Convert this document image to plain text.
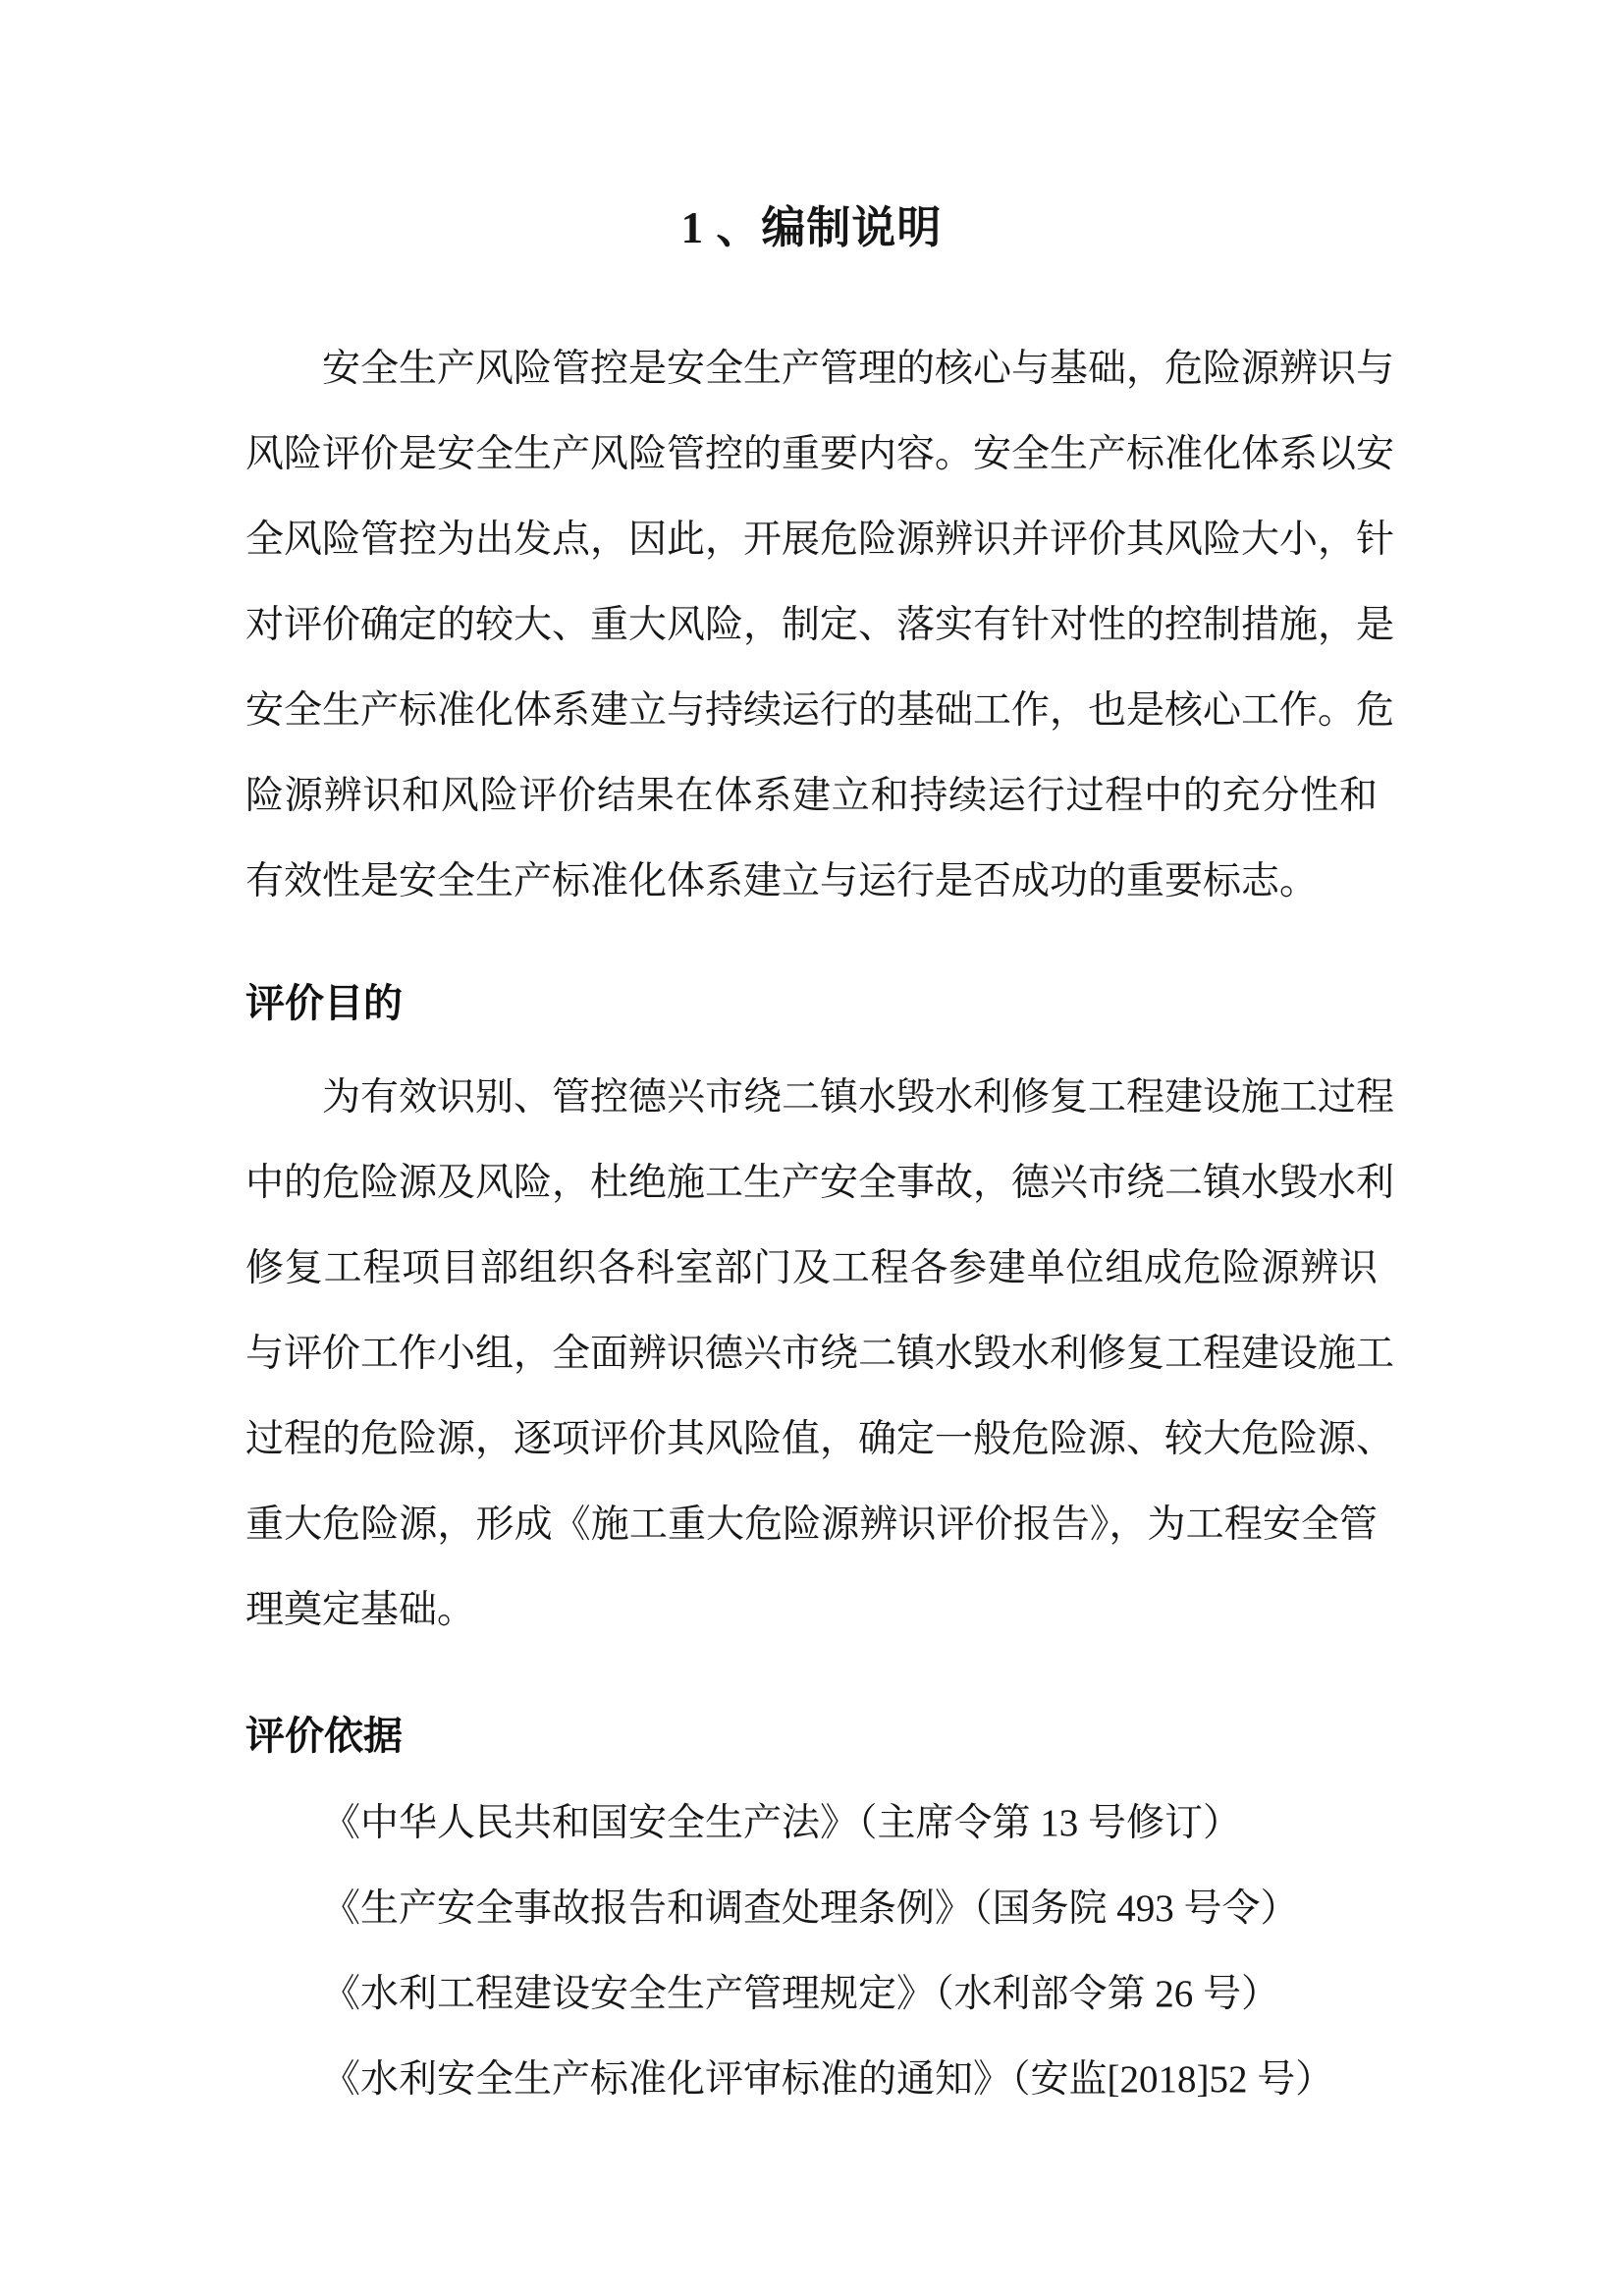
1 、编制说明
安全生产风险管控是安全生产管理的核心与基础，危险源辨识与
风险评价是安全生产风险管控的重要内容。安全生产标准化体系以安
全风险管控为出发点，因此，开展危险源辨识并评价其风险大小，针
对评价确定的较大、重大风险，制定、落实有针对性的控制措施，是
安全生产标准化体系建立与持续运行的基础工作，也是核心工作。危
险源辨识和风险评价结果在体系建立和持续运行过程中的充分性和
有效性是安全生产标准化体系建立与运行是否成功的重要标志。
评价目的
为有效识别、管控德兴市绕二镇水毁水利修复工程建设施工过程
中的危险源及风险，杜绝施工生产安全事故，德兴市绕二镇水毁水利
修复工程项目部组织各科室部门及工程各参建单位组成危险源辨识
与评价工作小组，全面辨识德兴市绕二镇水毁水利修复工程建设施工
过程的危险源，逐项评价其风险值，确定一般危险源、较大危险源、
重大危险源，形成《施工重大危险源辨识评价报告》，为工程安全管
理奠定基础。
评价依据
《中华人民共和国安全生产法》（主席令第 13 号修订）
《生产安全事故报告和调查处理条例》（国务院 493 号令）
《水利工程建设安全生产管理规定》（水利部令第 26 号）
《水利安全生产标准化评审标准的通知》（安监[2018]52 号）
